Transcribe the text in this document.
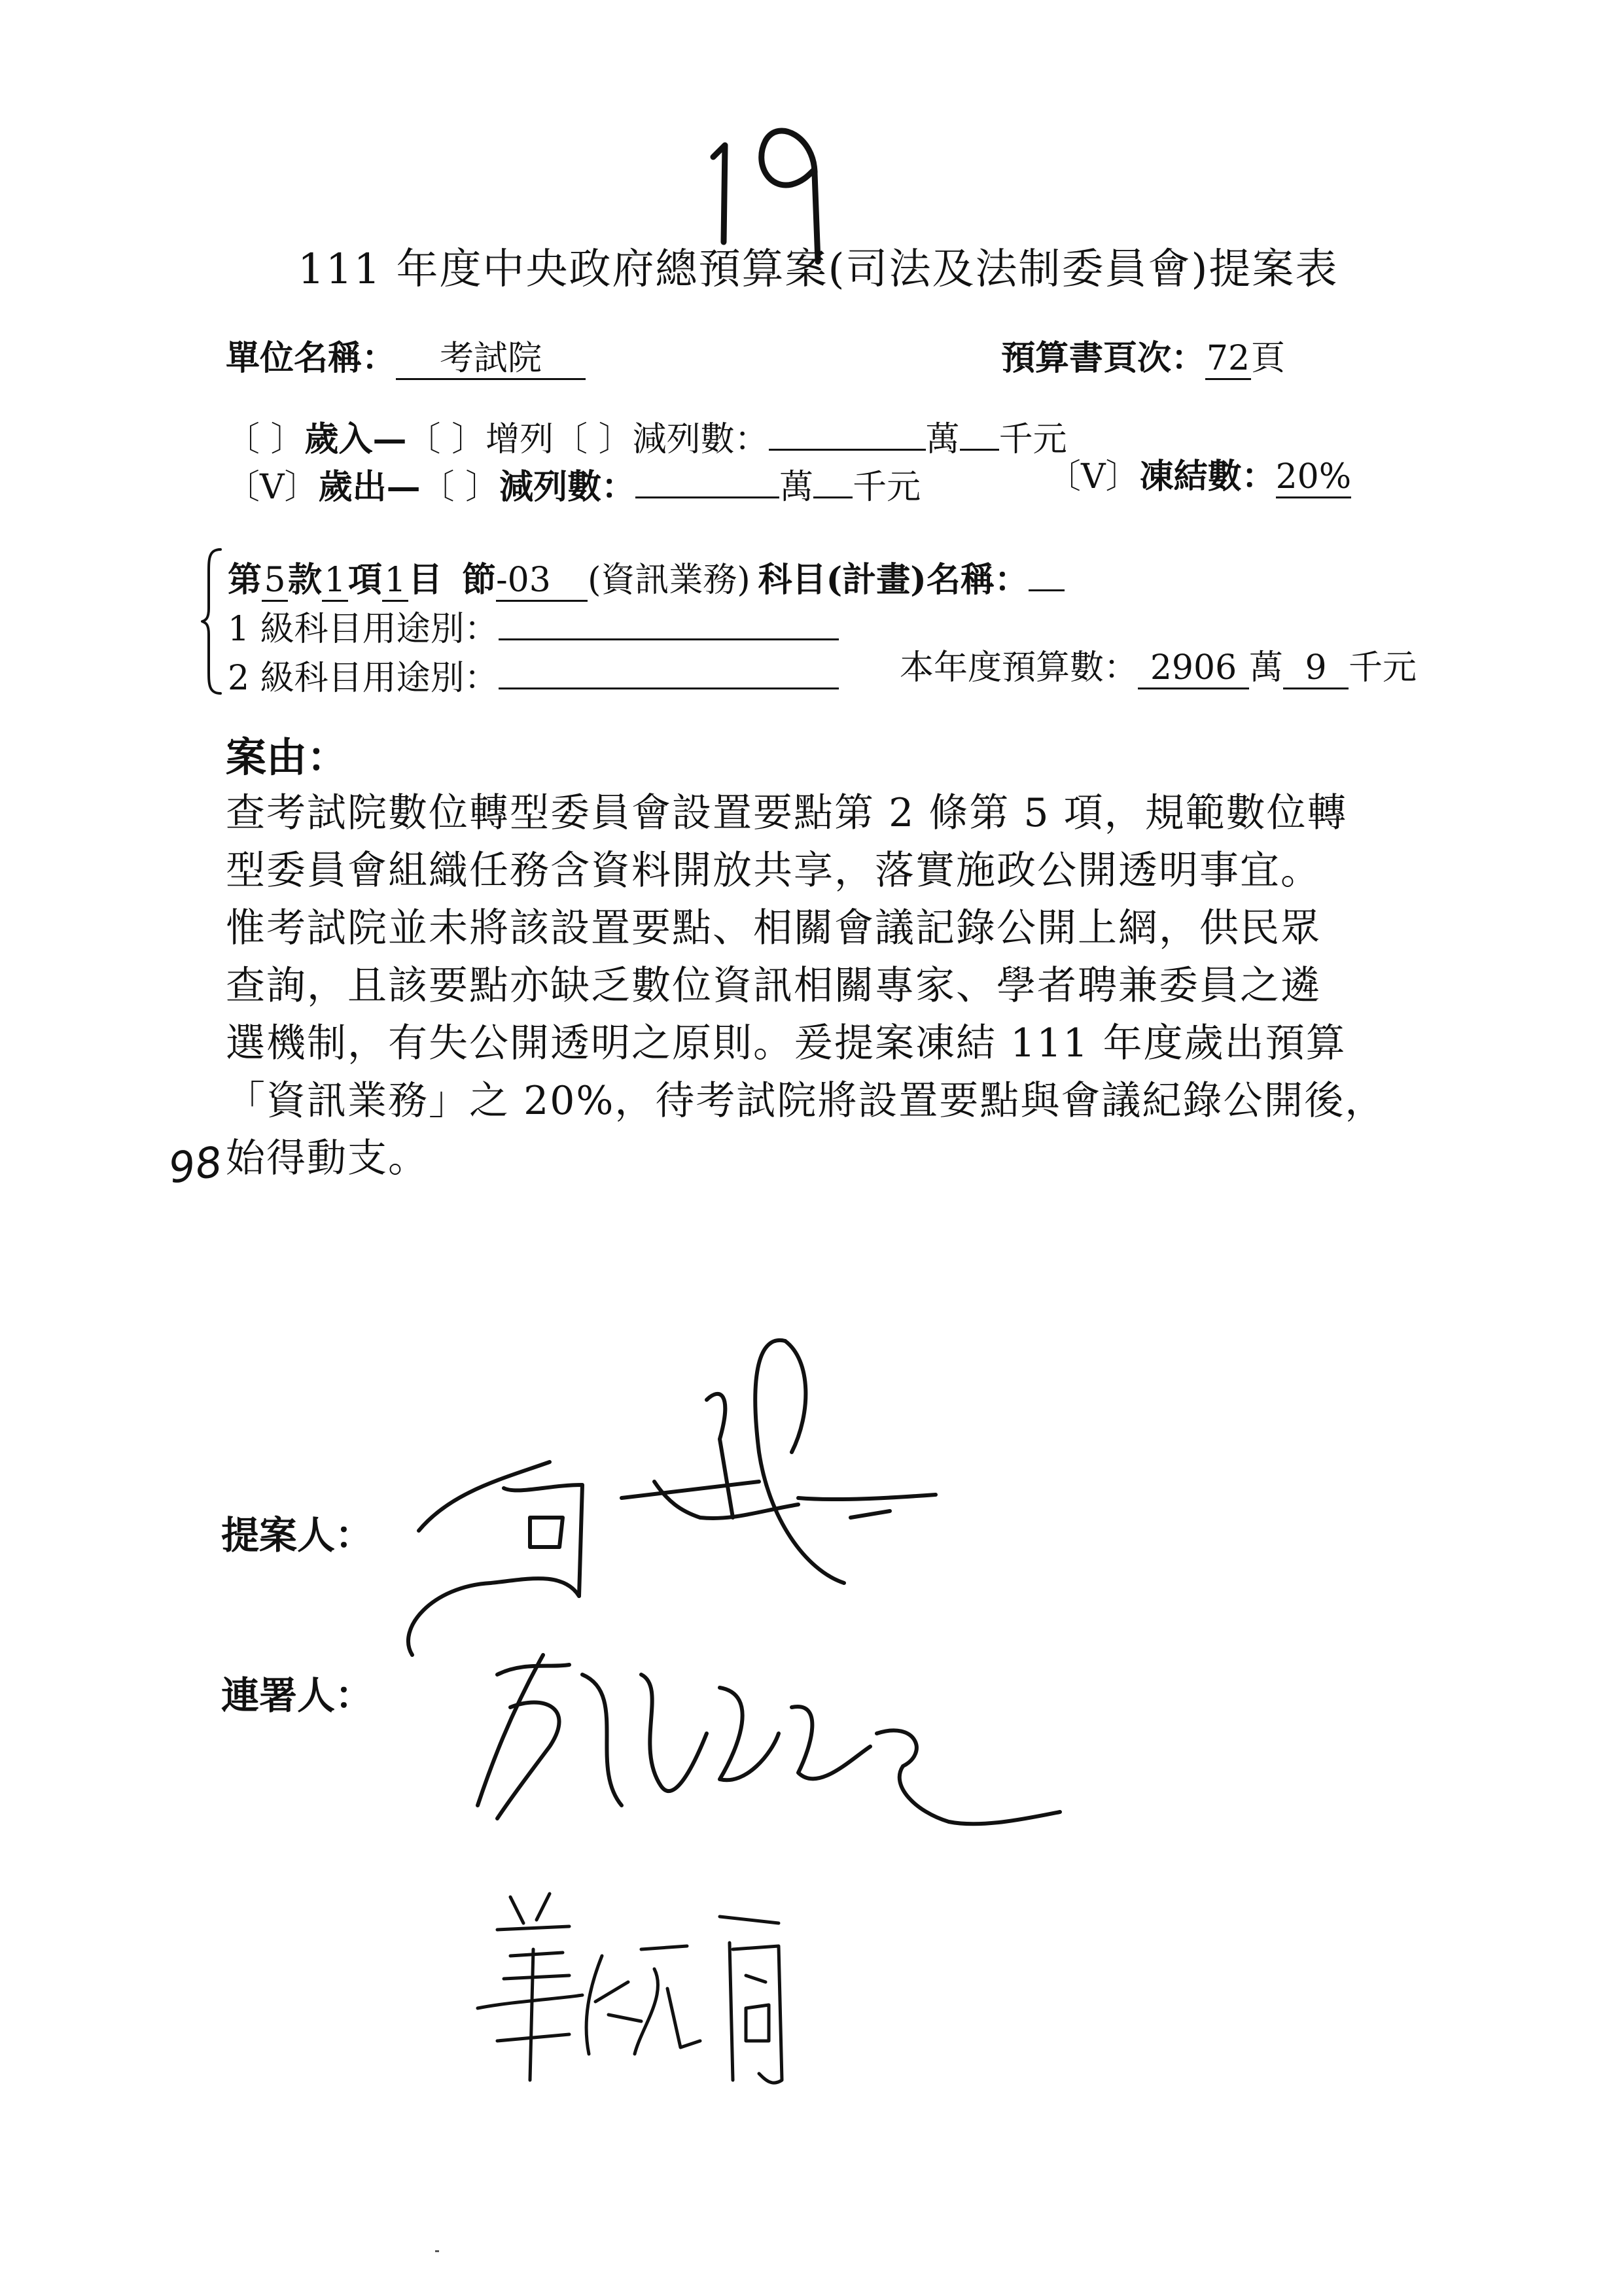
111 年度中央政府總預算案(司法及法制委員會)提案表
單位名稱： 考試院	預算書頁次：72頁
〔 〕歲入—〔 〕增列〔 〕減列數：	萬 千元
〔V〕歲出—〔 〕減列數：	萬 千元	〔V〕凍結數：20%
第5款1項1目 節-03 (資訊業務) 科目(計畫)名稱：
1 級科目用途別：
2 級科目用途別：	本年度預算數： 2906 萬 9 千元
案由：
查考試院數位轉型委員會設置要點第 2 條第 5 項，規範數位轉
型委員會組織任務含資料開放共享，落實施政公開透明事宜。
惟考試院並未將該設置要點、相關會議記錄公開上網，供民眾
查詢，且該要點亦缺乏數位資訊相關專家、學者聘兼委員之遴
選機制，有失公開透明之原則。爰提案凍結 111 年度歲出預算
「資訊業務」之 20%，待考試院將設置要點與會議紀錄公開後，
始得動支。
98
提案人：
連署人：
